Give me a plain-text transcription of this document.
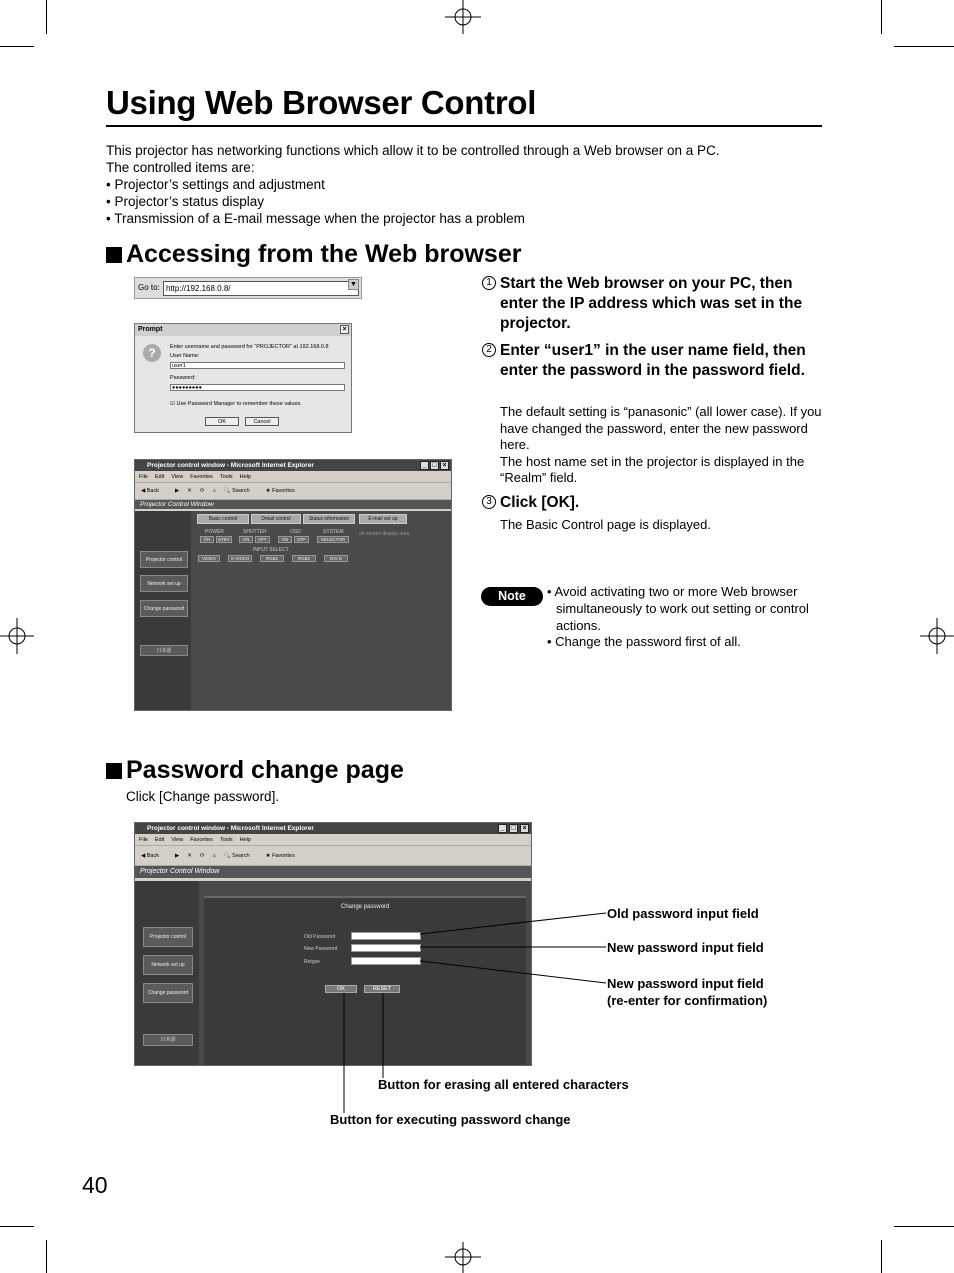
Using Web Browser Control
This projector has networking functions which allow it to be controlled through a Web browser on a PC.
The controlled items are:
• Projector’s settings and adjustment
• Projector’s status display
• Transmission of a E-mail message when the projector has a problem
Accessing from the Web browser
Go to: http://192.168.0.8/	▼
Prompt	×
?	Enter username and password for “PROJECTOR” at 192.168.0.8
User Name:
user1
Password:
●●●●●●●●●
☑ Use Password Manager to remember these values.
OK	Cancel
Projector control window - Microsoft Internet Explorer	_ □ ×
File Edit View Favorites Tools Help
◀ Back	▶ ✕ ⟳ ⌂ 🔍 Search	★ Favorites
Projector Control Window
Projector control
Network set up
Change password
日本語
Basic control	Detail control	Status information	E-mail set up
POWER	SHUTTER	OSD	SYSTEM	on screen display area
ON	STBY	ON	OFF	ON	OFF	SELECTOR
INPUT SELECT
VIDEO	S-VIDEO	RGB1	RGB2	DVI-D
1 Start the Web browser on your PC, then enter the IP address which was set in the projector.
2 Enter “user1” in the user name field, then enter the password in the password field.
The default setting is “panasonic” (all lower case). If you have changed the password, enter the new password here.
The host name set in the projector is displayed in the “Realm” field.
3 Click [OK].
The Basic Control page is displayed.
Note	• Avoid activating two or more Web browser simultaneously to work out setting or control actions.
• Change the password first of all.
Password change page
Click [Change password].
Projector control window - Microsoft Internet Explorer	_ □ ×
File Edit View Favorites Tools Help
◀ Back	▶ ✕ ⟳ ⌂ 🔍 Search	★ Favorites
Projector Control Window
Projector control
Network set up
Change password
日本語
Change password
Old Password
New Password
Retype
OK	RESET
Old password input field
New password input field
New password input field
(re-enter for confirmation)
Button for erasing all entered characters
Button for executing password change
40
